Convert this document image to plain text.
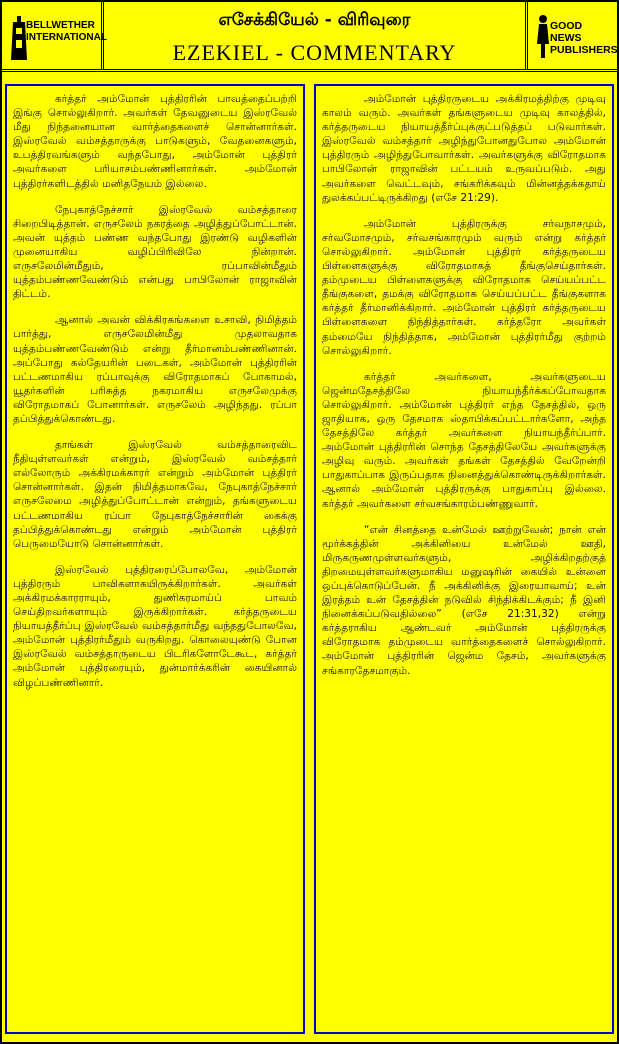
BELLWETHER INTERNATIONAL
எசேக்கியேல் - விரிவுரை
EZEKIEL - COMMENTARY
GOOD NEWS PUBLISHERS

கர்த்தர் அம்மோன் புத்திரரின் பாவத்தைப்பற்றி இங்கு சொல்லுகிறார். அவர்கள் தேவனுடைய இஸ்ரவேல் மீது நிந்தனையான வார்த்தைகளைச் சொன்னார்கள். இஸ்ரவேல் வம்சத்தாருக்கு பாடுகளும், வேதனைகளும், உபத்திரவங்களும் வந்தபோது, அம்மோன் புத்திரர் அவர்களை பரியாசம்பண்ணினார்கள். அம்மோன் புத்திரர்களிடத்தில் மனிதநேயம் இல்லை.

நேபுகாத்நேச்சார் இஸ்ரவேல் வம்சத்தாரை சிறைபிடித்தான். எருசலேம் நகரத்தை அழித்துப்போட்டான். அவன் யுத்தம் பண்ண வந்தபோது இரண்டு வழிகளின் முனையாகிய வழிப்பிரிவிலே நின்றான். எருசலேமின்மீதும், ரப்பாவின்மீதும் யுத்தம்பண்ணவேண்டும் என்பது பாபிலோன் ராஜாவின் திட்டம்.

ஆனால் அவன் விக்கிரகங்களை உசாவி, நிமித்தம் பார்த்து, எருசலேமின்மீது முதலாவதாக யுத்தம்பண்ணவேண்டும் என்று தீர்மானம்பண்ணினான். அப்போது கல்தேயரின் படைகள், அம்மோன் புத்திரரின் பட்டணமாகிய ரப்பாவுக்கு விரோதமாகப் போகாமல், யூதர்களின் பரிசுத்த நகரமாகிய எருசலேமுக்கு விரோதமாகப் போனார்கள். எருசலேம் அழிந்தது. ரப்பா தப்பித்துக்கொண்டது.

தாங்கள் இஸ்ரவேல் வம்சத்தாரைவிட நீதியுள்ளவர்கள் என்றும், இஸ்ரவேல் வம்சத்தார் எல்லோரும் அக்கிரமக்காரர் என்றும் அம்மோன் புத்திரர் சொன்னார்கள். இதன் நிமித்தமாகவே, நேபுகாத்நேச்சார் எருசலேமை அழித்துப்போட்டான் என்றும், தங்களுடைய பட்டணமாகிய ரப்பா நேபுகாத்நேச்சாரின் கைக்கு தப்பித்துக்கொண்டது என்றும் அம்மோன் புத்திரர் பெருமையோடு சொன்னார்கள்.

இஸ்ரவேல் புத்திரரைப்போலவே, அம்மோன் புத்திரரும் பாவிகளாகயிருக்கிறார்கள். அவர்கள் அக்கிரமக்காரராயும், துணிகரமாய்ப் பாவம் செய்திறவர்களாயும் இருக்கிறார்கள். கர்த்தருடைய நியாயத்தீர்ப்பு இஸ்ரவேல் வம்சத்தார்மீது வந்ததுபோலவே, அம்மோன் புத்திரர்மீதும் வருகிறது. கொலையுண்டு போன இஸ்ரவேல் வம்சத்தாருடைய பிடரிகளோடேகூட, கர்த்தர் அம்மோன் புத்திரரையும், துன்மார்க்கரின் கையினால் விழப்பண்ணினார்.

அம்மோன் புத்திரருடைய அக்கிரமத்திற்கு முடிவு காலம் வரும். அவர்கள் தங்களுடைய முடிவு காலத்தில், கர்த்தருடைய நியாயத்தீர்ப்புக்குட்படுத்தப் படுவார்கள். இஸ்ரவேல் வம்சத்தார் அழிந்துபோனதுபோல அம்மோன் புத்திரரும் அழிந்துபோவார்கள். அவர்களுக்கு விரோதமாக பாபிலோன் ராஜாவின் பட்டயம் உருவப்படும். அது அவர்களை வெட்டவும், சங்கரிக்கவும் மின்னத்தக்கதாய் துலக்கப்பட்டிருக்கிறது (எசே 21:29).

அம்மோன் புத்திரருக்கு சர்வநாசமும், சர்வமோசமும், சர்வசங்காரமும் வரும் என்று கர்த்தர் சொல்லுகிறார். அம்மோன் புத்திரர் கர்த்தருடைய பிள்ளைகளுக்கு விரோதமாகத் தீங்குசெய்தார்கள். தம்முடைய பிள்ளைகளுக்கு விரோதமாக செய்யப்பட்ட தீங்குகளை, தமக்கு விரோதமாக செய்யப்பட்ட தீங்குகளாக கர்த்தர் தீர்மானிக்கிறார். அம்மோன் புத்திரர் கர்த்தருடைய பிள்ளைகளை நிந்தித்தார்கள். கர்த்தரோ அவர்கள் தம்மையே நிந்தித்தாக, அம்மோன் புத்திரர்மீது குற்றம் சொல்லுகிறார்.

கர்த்தர் அவர்களை, அவர்களுடைய ஜென்மதேசத்திலே நியாயந்தீர்க்கப்போவதாக சொல்லுகிறார். அம்மோன் புத்திரர் எந்த தேசத்தில், ஒரு ஜாதியாக, ஒரு தேசமாக ஸ்தாபிக்கப்பட்டார்களோ, அந்த தேசத்திலே கர்த்தர் அவர்களை நியாயந்தீர்ப்பார். அம்மோன் புத்திரரின் சொந்த தேசத்திலேயே அவர்களுக்கு அழிவு வரும். அவர்கள் தங்கள் தேசத்தில் வேறேன்றி பாதுகாப்பாக இருப்பதாக நினைத்துக்கொண்டிருக்கிறார்கள். ஆனால் அம்மோன் புத்திரருக்கு பாதுகாப்பு இல்லை. கர்த்தர் அவர்களை சர்வசங்காரம்பண்ணுவார்.

“என் சினத்தை உன்மேல் ஊற்றுவேன்; நான் என் மூர்க்கத்தின் அக்கினியை உன்மேல் ஊதி, மிருகருணமுள்ளவர்களும், அழிக்கிறதற்குத் திறமையுள்ளவர்களுமாகிய மனுஷரின் கையில் உன்னை ஒப்புக்கொடுப்பேன். நீ அக்கினிக்கு இரையாவாய்; உன் இரத்தம் உன் தேசத்தின் நடுவில் சிந்திக்கிடக்கும்; நீ இனி நினைக்கப்படுவதில்லை” (எசே 21:31,32) என்று கர்த்தராகிய ஆண்டவர் அம்மோன் புத்திரருக்கு விரோதமாக தம்முடைய வார்த்தைகளைச் சொல்லுகிறார். அம்மோன் புத்திரரின் ஜென்ம தேசம், அவர்களுக்கு சங்காரதேசமாகும்.
